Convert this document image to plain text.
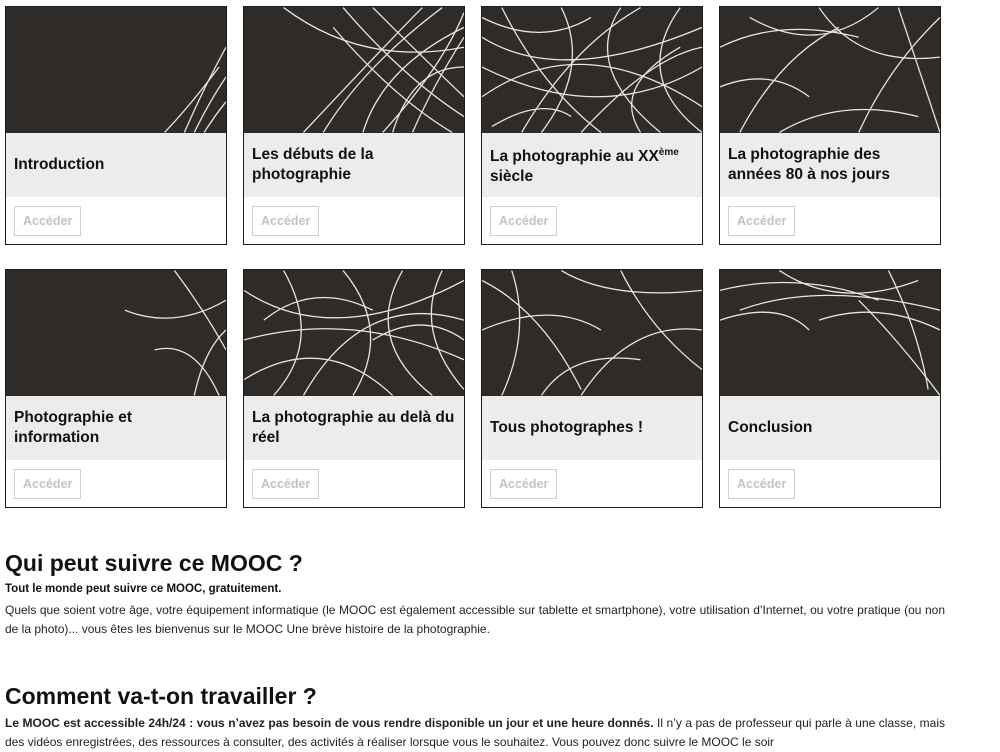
Introduction
Accéder
Les débuts de la photographie
Accéder
La photographie au XXème siècle
Accéder
La photographie des années 80 à nos jours
Accéder
Photographie et information
Accéder
La photographie au delà du réel
Accéder
Tous photographes !
Accéder
Conclusion
Accéder
Qui peut suivre ce MOOC ?
Tout le monde peut suivre ce MOOC, gratuitement.
Quels que soient votre âge, votre équipement informatique (le MOOC est également accessible sur tablette et smartphone), votre utilisation d’Internet, ou votre pratique (ou non de la photo)... vous êtes les bienvenus sur le MOOC Une brève histoire de la photographie.
Comment va-t-on travailler ?
Le MOOC est accessible 24h/24 : vous n’avez pas besoin de vous rendre disponible un jour et une heure donnés. Il n’y a pas de professeur qui parle à une classe, mais des vidéos enregistrées, des ressources à consulter, des activités à réaliser lorsque vous le souhaitez. Vous pouvez donc suivre le MOOC le soir
